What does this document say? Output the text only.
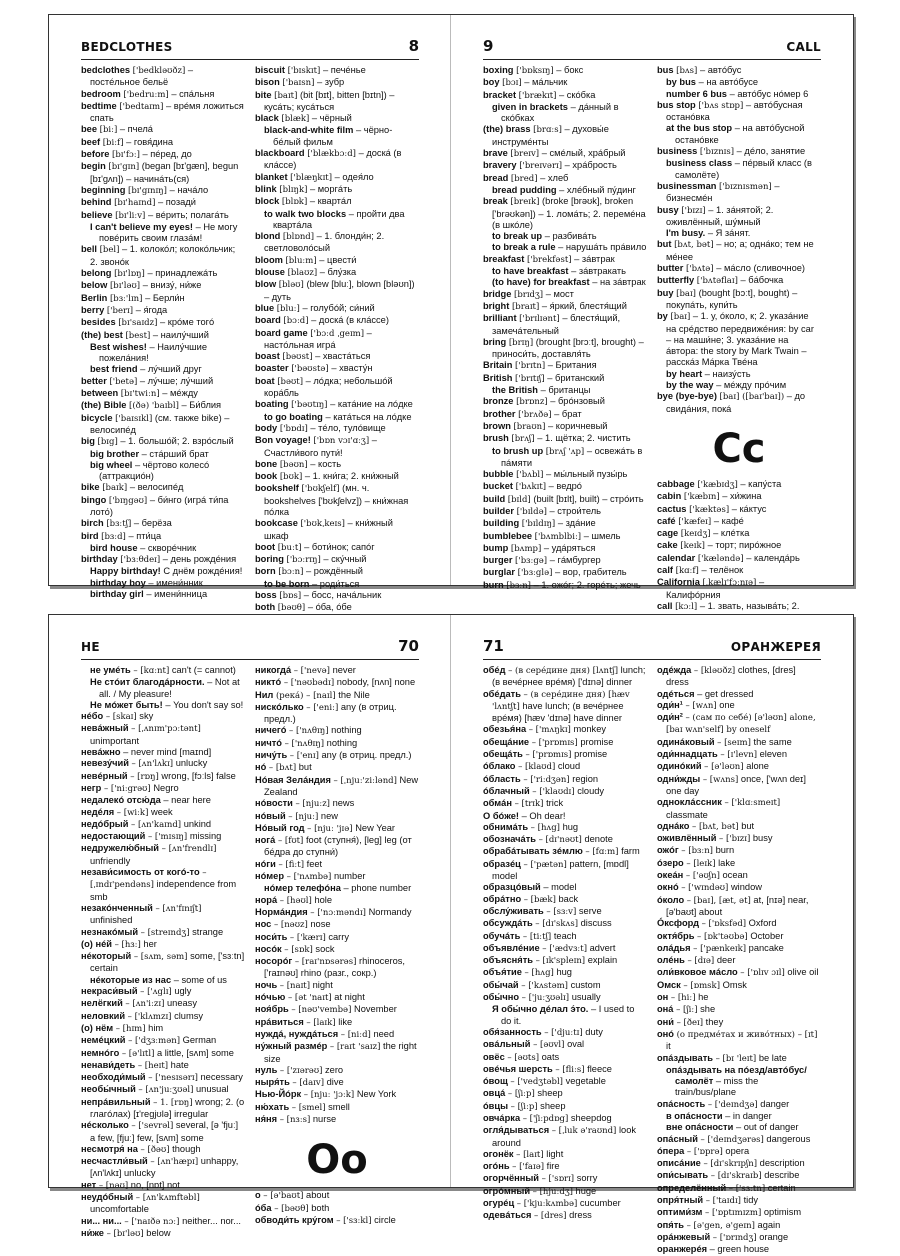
BEDCLOTHES	8

bedclothes ['bedkləʊðz] – постéльное бельё

bedroom ['bedruːm] – спáльня

bedtime ['bedtaɪm] – врéмя ложиться спать

bee [biː] – пчелá

beef [biːf] – говя́дина

before [bɪ'fɔː] – пéред, до

begin [bɪ'gɪn] (began [bɪ'gæn], begun [bɪ'gʌn]) – начинáть(ся)

beginning [bɪ'gɪnɪŋ] – начáло

behind [bɪ'haɪnd] – позади́

believe [bɪ'liːv] – вéрить; полагáть

I can't believe my eyes! – Не могу повéрить своим глазáм!

bell [bel] – 1. колокóл; колокóльчик; 2. звонóк

belong [bɪ'lɒŋ] – принадлежáть

below [bɪ'ləʊ] – внизу́, ни́же

Berlin [bɜː'lɪn] – Берли́н

berry ['berɪ] – я́года

besides [bɪ'saɪdz] – крóме тогó

(the) best [best] – наилу́чший

Best wishes! – Наилу́чшие пожелáния!

best friend – лу́чший друг

better ['betə] – лу́чше; лу́чший

between [bɪ'twiːn] – мéжду

(the) Bible [(ðə) 'baɪbl] – Би́блия

bicycle ['baɪsɪkl] (см. также bike) – велосипéд

big [bɪg] – 1. большóй; 2. взрóслый

big brother – стáрший брат

big wheel – чёртово колесó (аттракциóн)

bike [baɪk] – велосипéд

bingo ['bɪŋgəʊ] – би́нго (игрá ти́па лото́)

birch [bɜːtʃ] – берёза

bird [bɜːd] – пти́ца

bird house – скворéчник

birthday ['bɜːθdeɪ] – день рождéния

Happy birthday! С днём рождéния!

birthday boy – имени́нник

birthday girl – имени́нница

biscuit ['bɪskɪt] – печéнье

bison ['baɪsn] – зубр

bite [baɪt] (bit [bɪt], bitten [bɪtn]) – кусáть; кусáться

black [blæk] – чёрный

black-and-white film – чёрно-бéлый фильм

blackboard ['blækbɔːd] – доскá (в клáссе)

blanket ['blæŋkɪt] – одея́ло

blink [blɪŋk] – моргáть

block [blɒk] – квартáл

to walk two blocks – пройти два квартáла

blond [blɒnd] – 1. блонди́н; 2. светловолóсый

bloom [bluːm] – цвести́

blouse [blaʊz] – блу́зка

blow [bləʊ] (blew [bluː], blown [bləʊn]) – дуть

blue [bluː] – голубóй; си́ний

board [bɔːd] – доскá (в клáссе)

board game ['bɔːd ˌgeɪm] – настóльная игрá

boast [bəʊst] – хвастáться

boaster ['bəʊstə] – хвасту́н

boat [bəʊt] – лóдка; небольшóй корáбль

boating ['bəʊtɪŋ] – катáние на лóдке

to go boating – катáться на лóдке

body ['bɒdɪ] – тéло, тулóвище

Bon voyage! ['bɒn vɔɪ'ɑːʒ] – Счастли́вого пути́!

bone [bəʊn] – кость

book [bʊk] – 1. кни́га; 2. кни́жный

bookshelf ['bʊkʃelf] (мн. ч. bookshelves ['bʊkʃelvz]) – кни́жная пóлка

bookcase ['bʊkˌkeɪs] – кни́жный шкаф

boot [buːt] – боти́нок; сапóг

boring ['bɔːrɪŋ] – ску́чный

born [bɔːn] – рождённый

to be born – роди́ться

boss [bɒs] – босс, начáльник

both [bəʊθ] – óба, óбе

9	CALL

boxing ['bɒksɪŋ] – бокс

boy [bɔɪ] – мáльчик

bracket ['brækɪt] – скóбка

given in brackets – дáнный в скóбках

(the) brass [brɑːs] – духовы́е инструмéнты

brave [breɪv] – смéлый, хрáбрый

bravery ['breɪvərɪ] – хрáбрость

bread [bred] – хлеб

bread pudding – хлéбный пу́динг

break [breɪk] (broke [brəʊk], broken ['brəʊkən]) – 1. ломáть; 2. перемéна (в шкóле)

to break up – разбивáть

to break a rule – нарушáть прáвило

breakfast ['brekfəst] – зáвтрак

to have breakfast – зáвтракать

(to have) for breakfast – на зáвтрак

bridge [brɪdʒ] – мост

bright [braɪt] – я́ркий, блестя́щий

brilliant ['brɪlɪənt] – блестя́щий, замечáтельный

bring [brɪŋ] (brought [brɔːt], brought) – приноси́ть, доставля́ть

Britain ['brɪtn] – Британия

British ['brɪtɪʃ] – британский

the British – британцы

bronze [brɒnz] – брóнзовый

brother ['brʌðə] – брат

brown [braʊn] – коричневый

brush [brʌʃ] – 1. щётка; 2. чистить

to brush up [brʌʃ 'ʌp] – освежáть в пáмяти

bubble ['bʌbl] – мы́льный пузы́рь

bucket ['bʌkɪt] – ведрó

build [bɪld] (built [bɪlt], built) – стрóить

builder ['bɪldə] – строи́тель

building ['bɪldɪŋ] – здáние

bumblebee ['bʌmblbiː] – шмель

bump [bʌmp] – удáряться

burger ['bɜːgə] – гáмбургер

burglar ['bɜːglə] – вор, грабитель

burn [bɜːn] – 1. ожóг; 2. горéть; жечь

bus [bʌs] – автóбус

by bus – на автóбусе

number 6 bus – автóбус нóмер 6

bus stop ['bʌs stɒp] – автóбусная останóвка

at the bus stop – на автóбусной останóвке

business ['bɪznɪs] – дéло, занятие

business class – пéрвый класс (в самолёте)

businessman ['bɪznɪsmən] – бизнесмéн

busy ['bɪzɪ] – 1. зáнятой; 2. оживлённый, шу́мный

I'm busy. – Я зáнят.

but [bʌt, bət] – но; а; однáко; тем не мéнее

butter ['bʌtə] – мáсло (сливочное)

butterfly ['bʌtəflaɪ] – бáбочка

buy [baɪ] (bought [bɔːt], bought) – покупáть, купи́ть

by [baɪ] – 1. у, óколо, к; 2. указáние на срéдство передвижéния: by car – на маши́не; 3. указáние на áвтора: the story by Mark Twain – расскáз Мáрка Твéна

by heart – наизу́сть

by the way – мéжду прóчим

bye (bye-bye) [baɪ] ([baɪ'baɪ]) – до свидáния, покá

Cc

cabbage ['kæbɪdʒ] – капу́ста

cabin ['kæbɪn] – хи́жина

cactus ['kæktəs] – кáктус

café ['kæfeɪ] – кафé

cage [keɪdʒ] – клéтка

cake [keɪk] – торт; пирóжное

calendar ['kæləndə] – календáрь

calf [kɑːf] – телёнок

California [ˌkælɪ'fɔːnɪə] – Калифóрния

call [kɔːl] – 1. звать, называ́ть; 2.

НЕ	70

не умéть – [kɑːnt] can't (= cannot)

Не стóит благодáрности. – Not at all. / My pleasure!

Не мóжет быть! – You don't say so!

нéбо – [skaɪ] sky

невáжный – [ˌʌnɪm'pɔːtənt] unimportant

невáжно – never mind [maɪnd]

невезу́чий – [ʌn'lʌkɪ] unlucky

невéрный – [rɒŋ] wrong, [fɔːls] false

негр – ['niːgrəʊ] Negro

недалекó отсю́да – near here

недéля – [wiːk] week

недóбрый – [ʌn'kaɪnd] unkind

недостающий – ['mɪsɪŋ] missing

недружелю́бный – [ʌn'frendlɪ] unfriendly

незави́симость от когó-то – [ˌɪndɪ'pendəns] independence from smb

незакóнченный – [ʌn'fɪnɪʃt] unfinished

незнакóмый – [streɪndʒ] strange

(о) нéй – [hɜː] her

нéкоторый – [sʌm, səm] some, ['sɜːtn] certain

нéкоторые из нас – some of us

некраси́вый – ['ʌglɪ] ugly

нелёгкий – [ʌn'iːzɪ] uneasy

неловкий – ['klʌmzɪ] clumsy

(о) нём – [hɪm] him

немéцкий – ['dʒɜːmən] German

немнóго – [ə'lɪtl] a little, [sʌm] some

ненави́деть – [heɪt] hate

необходи́мый – ['nesɪsərɪ] necessary

необы́чный – [ʌn'juːʒʊəl] unusual

непрáвильный – 1. [rɒŋ] wrong; 2. (о глагóлах) [ɪ'regjʊlə] irregular

нéсколько – ['sevrəl] several, [ə 'fjuː] a few, [fjuː] few, [sʌm] some

несмотря́ на – [ðəʊ] though

несчастли́вый – [ʌn'hæpɪ] unhappy, [ʌn'lʌkɪ] unlucky

нет – [nəʊ] no, [nɒt] not

неудóбный – [ʌn'kʌmftəbl] uncomfortable

ни... ни... – ['naɪðə nɔː] neither... nor...

ни́же – [bɪ'ləʊ] below

никогдá – ['nevə] never

никтó – ['nəʊbədɪ] nobody, [nʌn] none

Нил (рекá) – [naɪl] the Nile

нискóлько – ['eniː] any (в отриц. предл.)

ничегó – ['nʌθɪŋ] nothing

ничтó – ['nʌθɪŋ] nothing

ничу́ть – ['enɪ] any (в отриц. предл.)

нó – [bʌt] but

Нóвая Зелáндия – [ˌnjuː'ziːlənd] New Zealand

нóвости – [njuːz] news

нóвый – [njuː] new

Нóвый год – [njuː 'jɪə] New Year

ногá – [fʊt] foot (ступня́), [leg] leg (от бéдра до ступни́)

нóги – [fiːt] feet

нóмер – ['nʌmbə] number

нóмер телефóна – phone number

норá – [həʊl] hole

Нормáндия – ['nɔːməndɪ] Normandy

нос – [nəʊz] nose

носи́ть – ['kærɪ] carry

носóк – [sɒk] sock

носорóг – [raɪ'nɒsərəs] rhinoceros, ['raɪnəʊ] rhino (разг., сокр.)

ночь – [naɪt] night

нóчью – [ət 'naɪt] at night

ноя́брь – [nəʊ'vembə] November

нрáвиться – [laɪk] like

нуждá, нуждáться – [niːd] need

ну́жный размéр – [raɪt 'saɪz] the right size

нуль – ['zɪərəʊ] zero

ныря́ть – [daɪv] dive

Нью-Йóрк – [njuː 'jɔːk] New York

ню́хать – [smel] smell

ня́ня – [nɜːs] nurse

Oo

о – [ə'baʊt] about

óба – [bəʊθ] both

обводи́ть кру́гом – ['sɜːkl] circle

71	ОРАНЖЕРЕЯ

обéд – (в серéдине дня) [lʌntʃ] lunch; (в вечéрнее врéмя) ['dɪnə] dinner

обéдать – (в серéдине дня) [hæv 'lʌntʃt] have lunch; (в вечéрнее врéмя) [hæv 'dɪnə] have dinner

обезья́на – ['mʌŋkɪ] monkey

обещáние – ['prɒmɪs] promise

обещáть – ['prɒmɪs] promise

óблако – [klaʊd] cloud

óбласть – ['riːdʒən] region

óблачный – ['klaʊdɪ] cloudy

обмáн – [trɪk] trick

О бóже! – Oh dear!

обнимáть – [hʌg] hug

обозначáть – [dɪ'nəʊt] denote

обрабáтывать зéмлю – [fɑːm] farm

образéц – ['pætən] pattern, [mɒdl] model

образцóвый – model

обрáтно – [bæk] back

обслу́живать – [sɜːv] serve

обсуждáть – [dɪ'skʌs] discuss

обучáть – [tiːtʃ] teach

объявлéние – ['ædvɜːt] advert

объясня́ть – [ɪk'spleɪn] explain

объя́тие – [hʌg] hug

обы́чай – ['kʌstəm] custom

обы́чно – ['juːʒʊəlɪ] usually

Я обы́чно дéлал э́то. – I used to do it.

обя́занность – ['djuːtɪ] duty

овáльный – [əʊvl] oval

овёс – [əʊts] oats

овéчья шерсть – [fliːs] fleece

óвощ – ['vedʒtəbl] vegetable

овцá – [ʃiːp] sheep

óвцы – [ʃiːp] sheep

овчáрка – ['ʃiːpdɒg] sheepdog

огля́дываться – [ˌluk ə'raʊnd] look around

огонёк – [laɪt] light

огóнь – ['faɪə] fire

огорчённый – ['sɒrɪ] sorry

огрóмный – [hjuːdʒ] huge

огурéц – ['kjuːkʌmbə] cucumber

одевáться – [dres] dress

одéжда – [kləʊðz] clothes, [dres] dress

одéться – get dressed

оди́н¹ – [wʌn] one

оди́н² – (сам по себé) [ə'ləʊn] alone, [baɪ wʌn'self] by oneself

одинáковый – [seɪm] the same

оди́ннадцать – [ɪ'levn] eleven

одинóкий – [ə'ləʊn] alone

одни́жды – [wʌns] once, ['wʌn deɪ] one day

одноклáссник – ['klɑːsmeɪt] classmate

однáко – [bʌt, bət] but

оживлённый – ['bɪzɪ] busy

ожóг – [bɜːn] burn

óзеро – [leɪk] lake

океáн – ['əʊʃn] ocean

окнó – ['wɪndəʊ] window

óколо – [baɪ], [æt, ət] at, [nɪə] near, [ə'baʊt] about

Óксфорд – ['ɒksfəd] Oxford

октя́брь – [ɒk'təʊbə] October

олáдья – ['pænkeɪk] pancake

олéнь – [dɪə] deer

оли́вковое мáсло – ['ɒlɪv ɔɪl] olive oil

Омск – [ɒmsk] Omsk

он – [hiː] he

онá – [ʃiː] she

они́ – [ðeɪ] they

онó (о предмéтах и живóтных) – [ɪt] it

опáздывать – [bɪ 'leɪt] be late

опáздывать на пóезд/автóбус/самолёт – miss the train/bus/plane

опáсность – ['deɪndʒə] danger

в опáсности – in danger

вне опáсности – out of danger

опáсный – ['deɪndʒərəs] dangerous

óпера – ['ɒprə] opera

описáние – [dɪ'skrɪpʃn] description

опи́сывать – [dɪ'skraɪb] describe

определённый – ['sɜːtn] certain

опря́тный – ['taɪdɪ] tidy

оптими́зм – ['ɒptɪmɪzm] optimism

опя́ть – [ə'gen, ə'geɪn] again

орáнжевый – ['ɒrɪndʒ] orange

оранжерéя – green house
